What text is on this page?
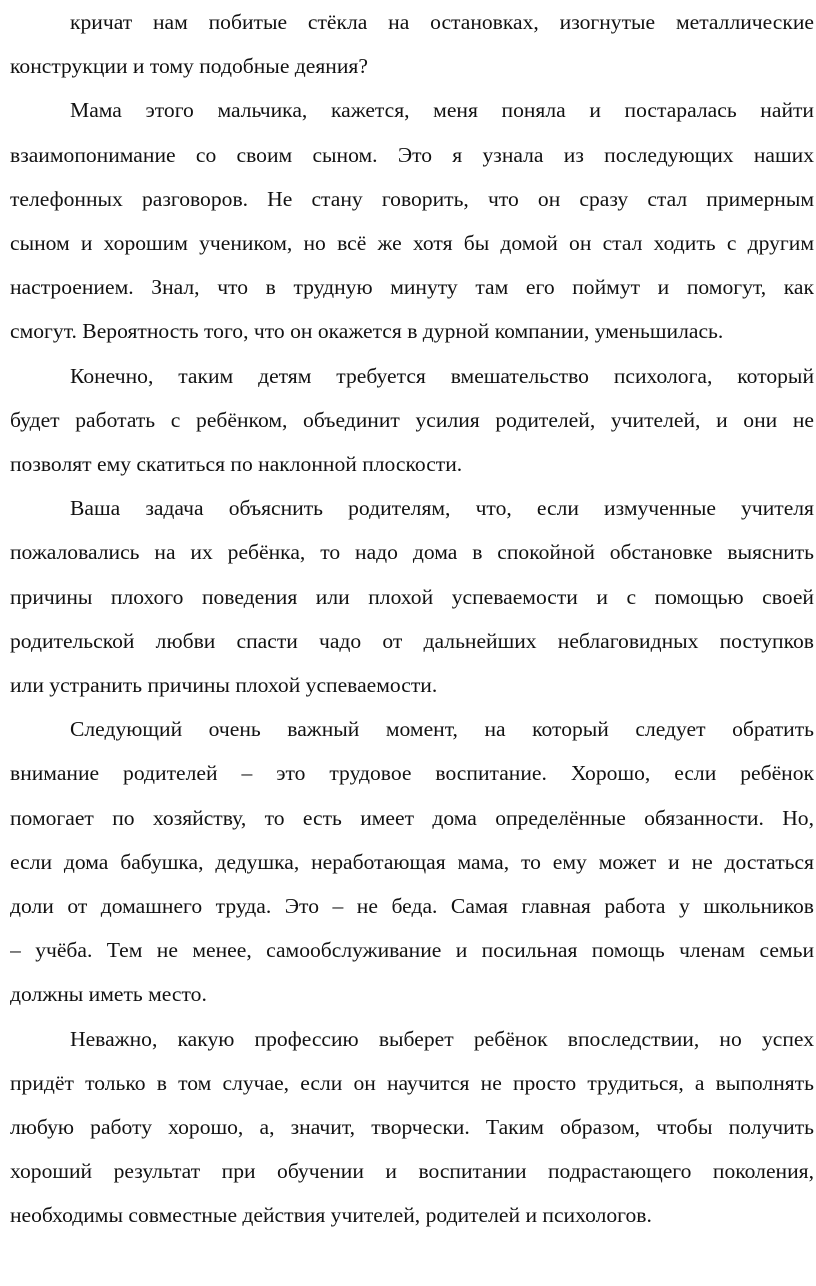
кричат нам побитые стёкла на остановках, изогнутые металлические
конструкции и тому подобные деяния?
Мама этого мальчика, кажется, меня поняла и постаралась найти
взаимопонимание со своим сыном. Это я узнала из последующих наших
телефонных разговоров. Не стану говорить, что он сразу стал примерным
сыном и хорошим учеником, но всё же хотя бы домой он стал ходить с другим
настроением. Знал, что в трудную минуту там его поймут и помогут, как
смогут. Вероятность того, что он окажется в дурной компании, уменьшилась.
Конечно, таким детям требуется вмешательство психолога, который
будет работать с ребёнком, объединит усилия родителей, учителей, и они не
позволят ему скатиться по наклонной плоскости.
Ваша задача объяснить родителям, что, если измученные учителя
пожаловались на их ребёнка, то надо дома в спокойной обстановке выяснить
причины плохого поведения или плохой успеваемости и с помощью своей
родительской любви спасти чадо от дальнейших неблаговидных поступков
или устранить причины плохой успеваемости.
Следующий очень важный момент, на который следует обратить
внимание родителей – это трудовое воспитание. Хорошо, если ребёнок
помогает по хозяйству, то есть имеет дома определённые обязанности. Но,
если дома бабушка, дедушка, неработающая мама, то ему может и не достаться
доли от домашнего труда. Это – не беда. Самая главная работа у школьников
– учёба. Тем не менее, самообслуживание и посильная помощь членам семьи
должны иметь место.
Неважно, какую профессию выберет ребёнок впоследствии, но успех
придёт только в том случае, если он научится не просто трудиться, а выполнять
любую работу хорошо, а, значит, творчески. Таким образом, чтобы получить
хороший результат при обучении и воспитании подрастающего поколения,
необходимы совместные действия учителей, родителей и психологов.
